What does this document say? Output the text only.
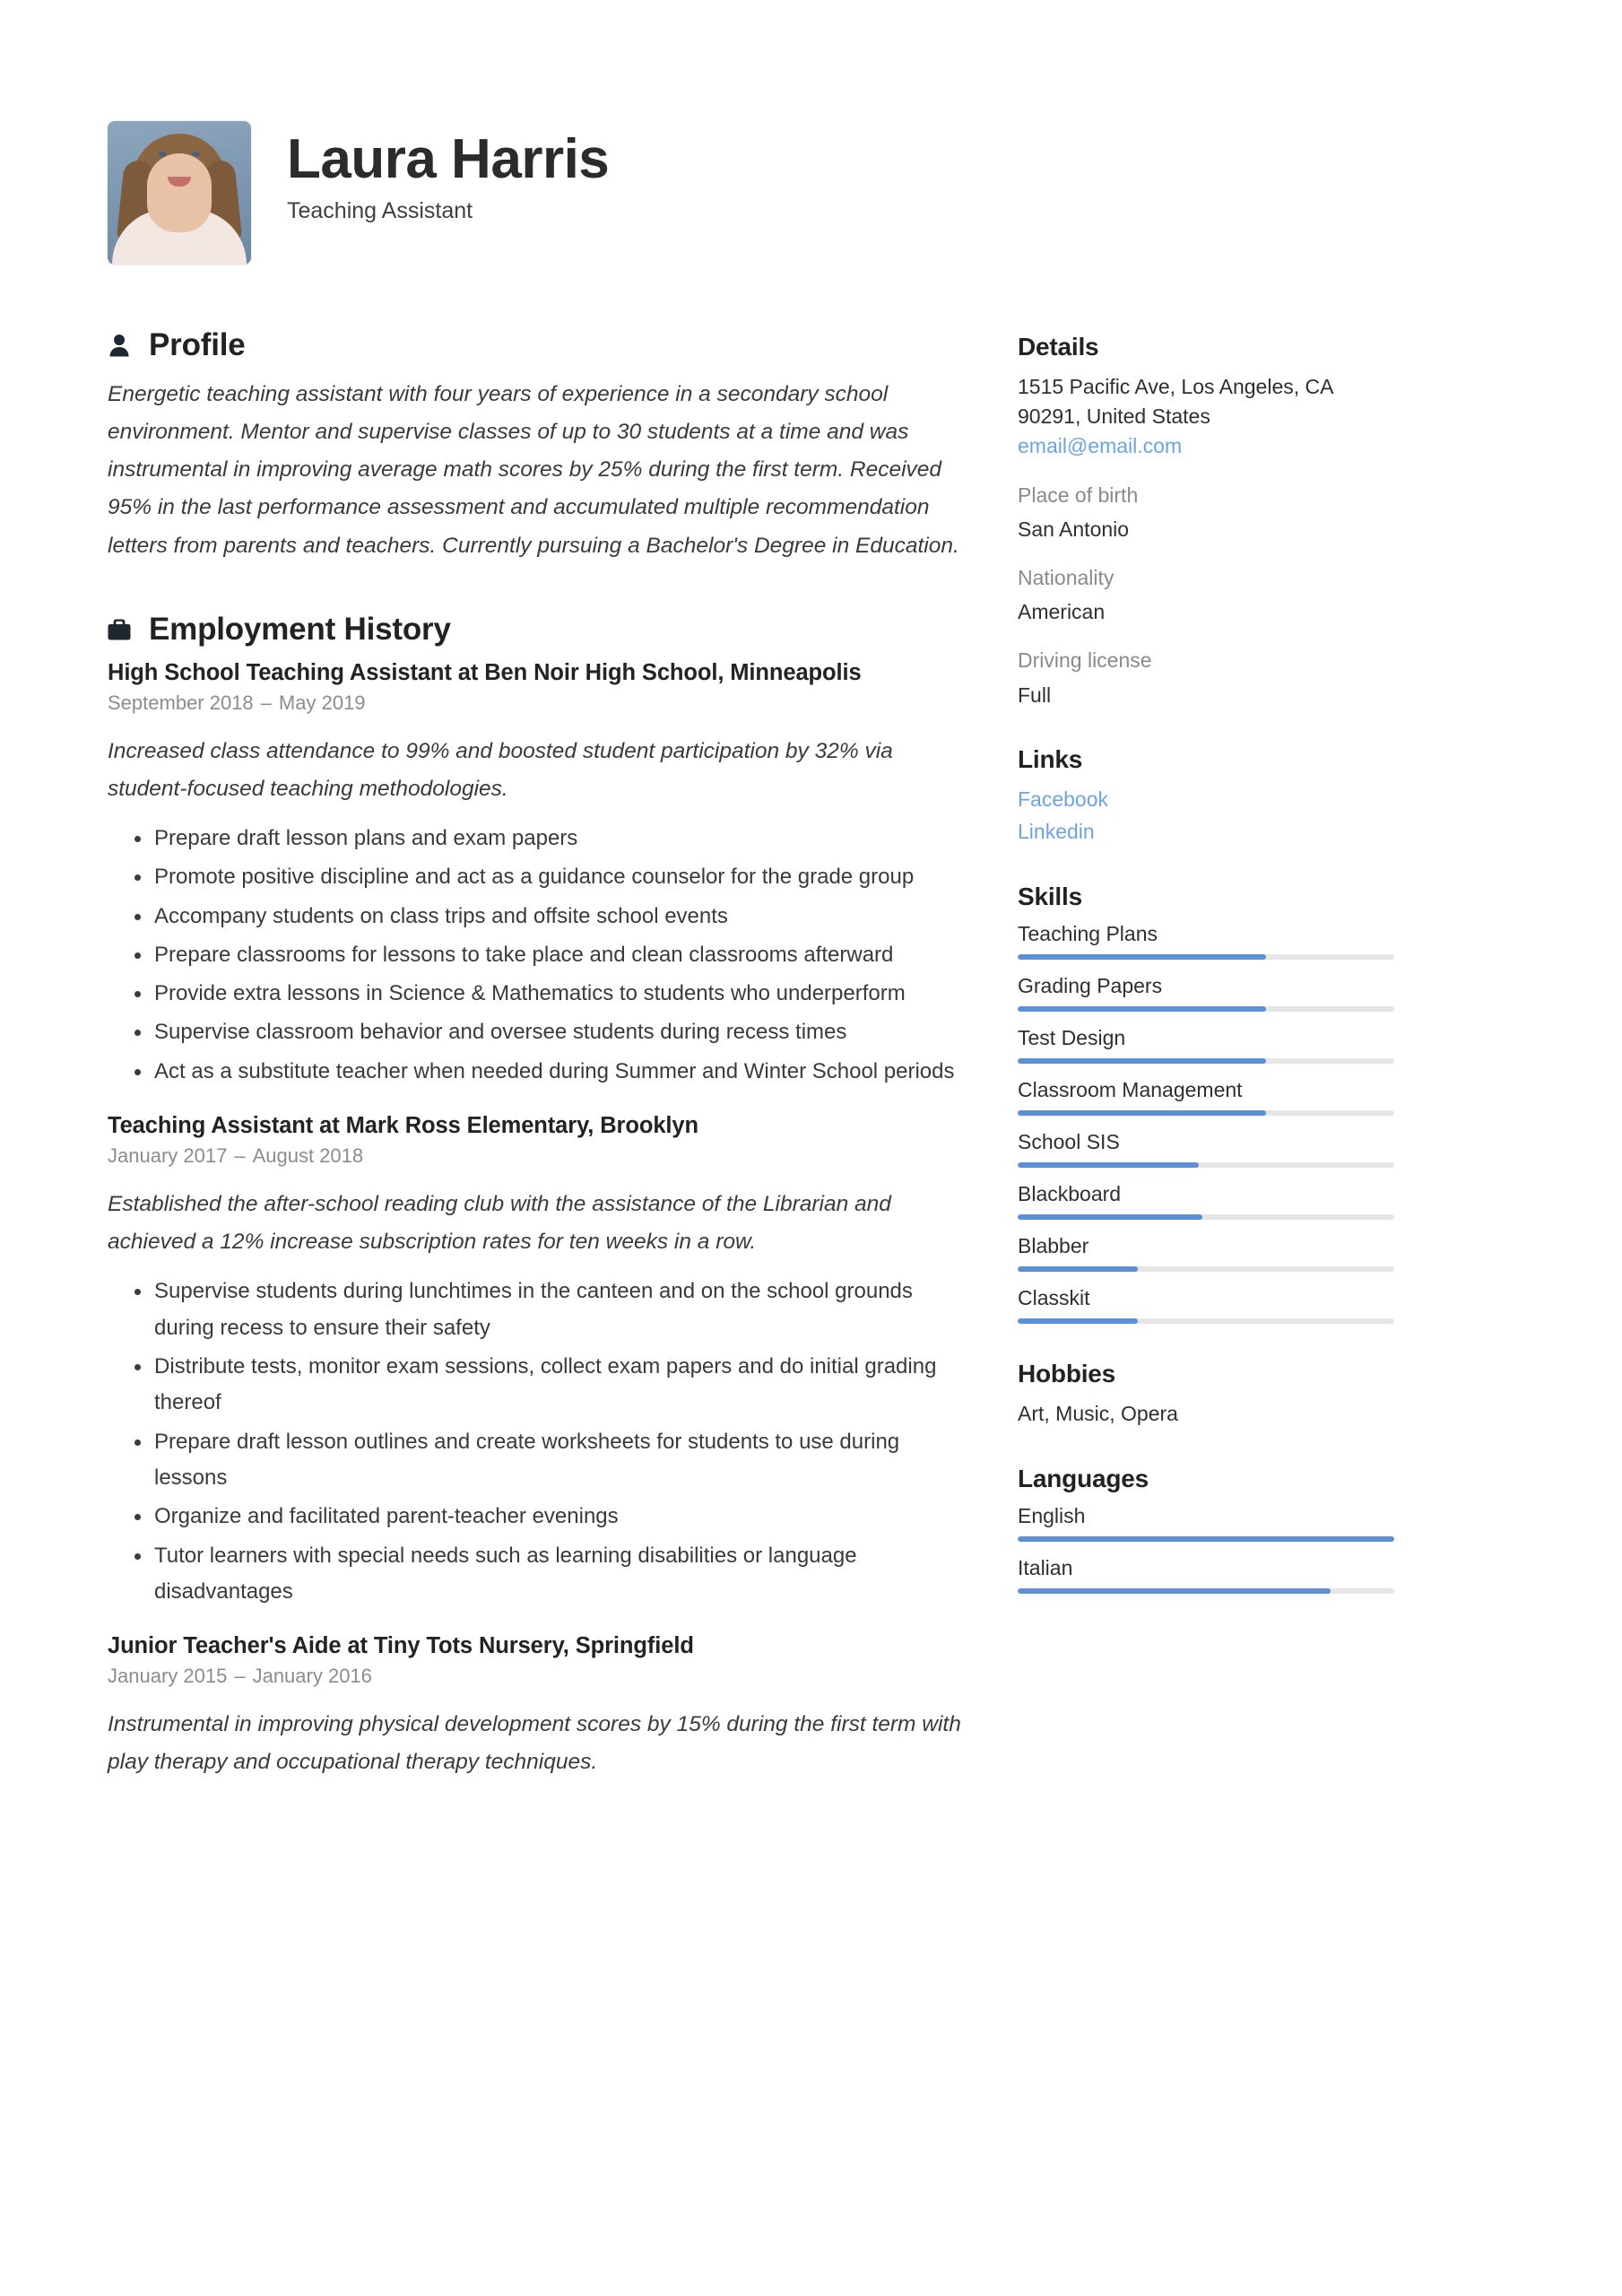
Laura Harris
Teaching Assistant
Profile
Energetic teaching assistant with four years of experience in a secondary school environment. Mentor and supervise classes of up to 30 students at a time and was instrumental in improving average math scores by 25% during the first term. Received 95% in the last performance assessment and accumulated multiple recommendation letters from parents and teachers. Currently pursuing a Bachelor's Degree in Education.
Employment History
High School Teaching Assistant at Ben Noir High School, Minneapolis
September 2018 – May 2019
Increased class attendance to 99% and boosted student participation by 32% via student-focused teaching methodologies.
Prepare draft lesson plans and exam papers
Promote positive discipline and act as a guidance counselor for the grade group
Accompany students on class trips and offsite school events
Prepare classrooms for lessons to take place and clean classrooms afterward
Provide extra lessons in Science & Mathematics to students who underperform
Supervise classroom behavior and oversee students during recess times
Act as a substitute teacher when needed during Summer and Winter School periods
Teaching Assistant at Mark Ross Elementary, Brooklyn
January 2017 – August 2018
Established the after-school reading club with the assistance of the Librarian and achieved a 12% increase subscription rates for ten weeks in a row.
Supervise students during lunchtimes in the canteen and on the school grounds during recess to ensure their safety
Distribute tests, monitor exam sessions, collect exam papers and do initial grading thereof
Prepare draft lesson outlines and create worksheets for students to use during lessons
Organize and facilitated parent-teacher evenings
Tutor learners with special needs such as learning disabilities or language disadvantages
Junior Teacher's Aide at Tiny Tots Nursery, Springfield
January 2015 – January 2016
Instrumental in improving physical development scores by 15% during the first term with play therapy and occupational therapy techniques.
Details
1515 Pacific Ave, Los Angeles, CA
90291, United States
email@email.com
Place of birth
San Antonio
Nationality
American
Driving license
Full
Links
Facebook
Linkedin
Skills
Teaching Plans
Grading Papers
Test Design
Classroom Management
School SIS
Blackboard
Blabber
Classkit
Hobbies
Art, Music, Opera
Languages
English
Italian
